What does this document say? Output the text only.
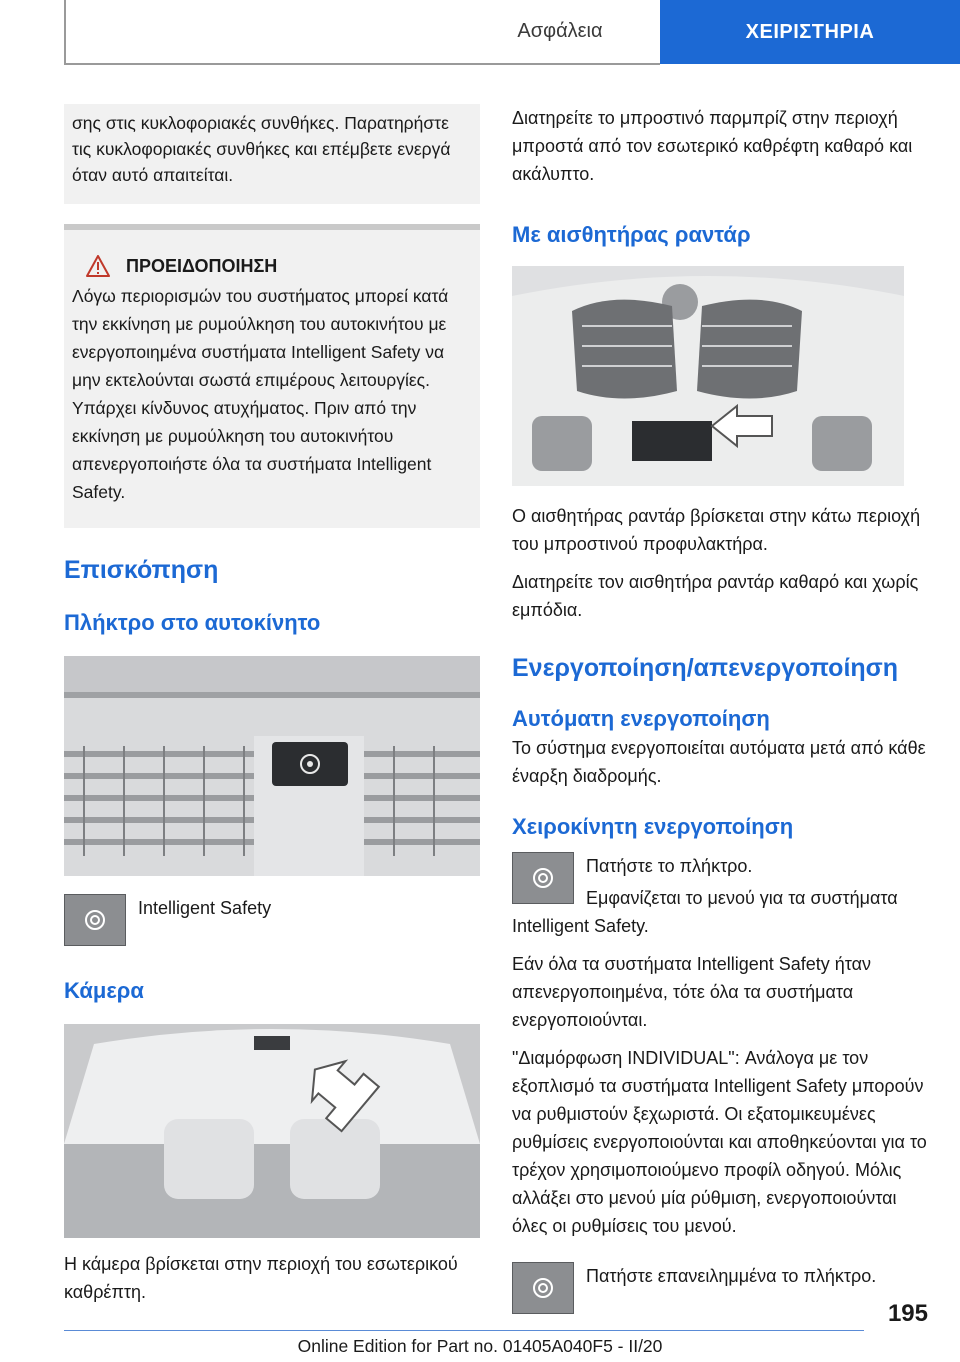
Ασφάλεια	ΧΕΙΡΙΣΤΗΡΙΑ
σης στις κυκλοφοριακές συνθήκες. Παρατηρήστε τις κυκλοφοριακές συνθήκες και επέμβετε ενεργά όταν αυτό απαιτείται.
ΠΡΟΕΙΔΟΠΟΙΗΣΗ
Λόγω περιορισμών του συστήματος μπορεί κατά την εκκίνηση με ρυμούλκηση του αυτοκινήτου με ενεργοποιημένα συστήματα Intelligent Safety να μην εκτελούνται σωστά επιμέρους λειτουργίες. Υπάρχει κίνδυνος ατυχήματος. Πριν από την εκκίνηση με ρυμούλκηση του αυτοκινήτου απενεργοποιήστε όλα τα συστήματα Intelligent Safety.
Επισκόπηση
Πλήκτρο στο αυτοκίνητο
Intelligent Safety
Κάμερα

Η κάμερα βρίσκεται στην περιοχή του εσωτερικού καθρέπτη.

Διατηρείτε το μπροστινό παρμπρίζ στην περιοχή μπροστά από τον εσωτερικό καθρέφτη καθαρό και ακάλυπτο.

Με αισθητήρας ραντάρ

Ο αισθητήρας ραντάρ βρίσκεται στην κάτω περιοχή του μπροστινού προφυλακτήρα.

Διατηρείτε τον αισθητήρα ραντάρ καθαρό και χωρίς εμπόδια.

Ενεργοποίηση/απενεργοποίηση
Αυτόματη ενεργοποίηση

Το σύστημα ενεργοποιείται αυτόματα μετά από κάθε έναρξη διαδρομής.

Χειροκίνητη ενεργοποίηση
Πατήστε το πλήκτρο.

Εμφανίζεται το μενού για τα συστήματα Intelligent Safety.

Εάν όλα τα συστήματα Intelligent Safety ήταν απενεργοποιημένα, τότε όλα τα συστήματα ενεργοποιούνται.

"Διαμόρφωση INDIVIDUAL": Ανάλογα με τον εξοπλισμό τα συστήματα Intelligent Safety μπορούν να ρυθμιστούν ξεχωριστά. Οι εξατομικευμένες ρυθμίσεις ενεργοποιούνται και αποθηκεύονται για το τρέχον χρησιμοποιούμενο προφίλ οδηγού. Μόλις αλλάξει στο μενού μία ρύθμιση, ενεργοποιούνται όλες οι ρυθμίσεις του μενού.

Πατήστε επανειλημμένα το πλήκτρο.
195
Online Edition for Part no. 01405A040F5 - II/20
